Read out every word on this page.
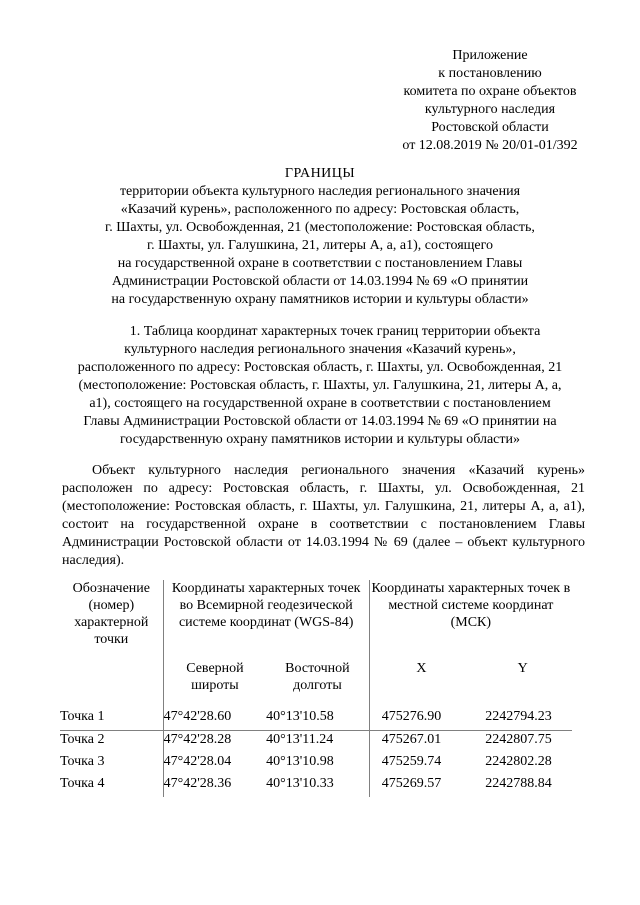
Приложение
к постановлению
комитета по охране объектов
культурного наследия
Ростовской области
от 12.08.2019 № 20/01-01/392
ГРАНИЦЫ
территории объекта культурного наследия регионального значения
«Казачий курень», расположенного по адресу: Ростовская область,
г. Шахты, ул. Освобожденная, 21 (местоположение: Ростовская область,
г. Шахты, ул. Галушкина, 21, литеры А, а, а1), состоящего
на государственной охране в соответствии с постановлением Главы
Администрации Ростовской области от 14.03.1994 № 69 «О принятии
на государственную охрану памятников истории и культуры области»
1. Таблица координат характерных точек границ территории объекта
культурного наследия регионального значения «Казачий курень»,
расположенного по адресу: Ростовская область, г. Шахты, ул. Освобожденная, 21
(местоположение: Ростовская область, г. Шахты, ул. Галушкина, 21, литеры А, а,
а1), состоящего на государственной охране в соответствии с постановлением
Главы Администрации Ростовской области от 14.03.1994 № 69 «О принятии на
государственную охрану памятников истории и культуры области»
Объект культурного наследия регионального значения «Казачий курень» расположен по адресу: Ростовская область, г. Шахты, ул. Освобожденная, 21 (местоположение: Ростовская область, г. Шахты, ул. Галушкина, 21, литеры А, а, а1), состоит на государственной охране в соответствии с постановлением Главы Администрации Ростовской области от 14.03.1994 № 69 (далее – объект культурного наследия).
Обозначение (номер) характерной точки	Координаты характерных точек во Всемирной геодезической системе координат (WGS-84)		Координаты характерных точек в местной системе координат (МСК)	
	Северной широты	Восточной долготы	X	Y
Точка 1	47°42'28.60	40°13'10.58	475276.90	2242794.23
Точка 2	47°42'28.28	40°13'11.24	475267.01	2242807.75
Точка 3	47°42'28.04	40°13'10.98	475259.74	2242802.28
Точка 4	47°42'28.36	40°13'10.33	475269.57	2242788.84
